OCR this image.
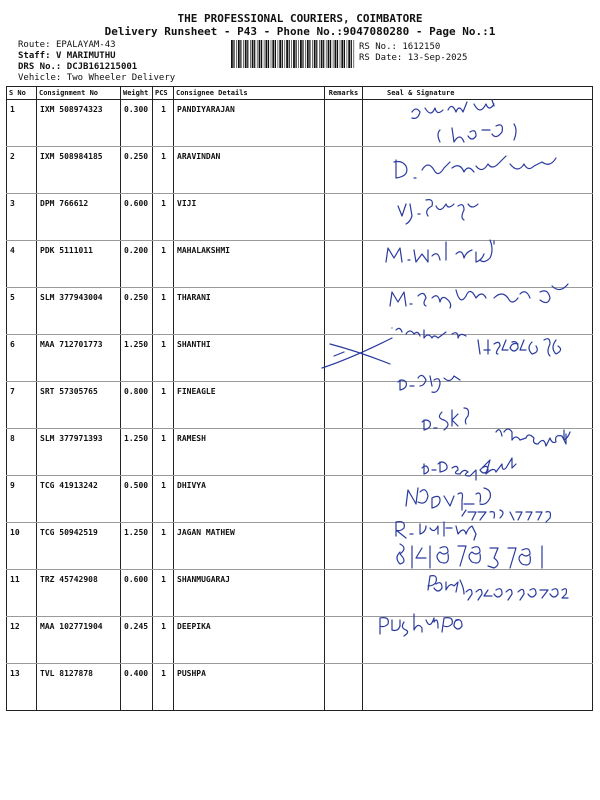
THE PROFESSIONAL COURIERS, COIMBATORE
Delivery Runsheet - P43 - Phone No.:9047080280 - Page No.:1
Route: EPALAYAM-43
Staff: V MARIMUTHU
DRS No.: DCJB161215001
Vehicle: Two Wheeler Delivery
RS No.: 1612150
RS Date: 13-Sep-2025
S No	Consignment No	Weight	PCS	Consignee Details	Remarks	Seal & Signature
1	IXM 508974323	0.300	1	PANDIYARAJAN		
2	IXM 508984185	0.250	1	ARAVINDAN		
3	DPM 766612	0.600	1	VIJI		
4	PDK 5111011	0.200	1	MAHALAKSHMI		
5	SLM 377943004	0.250	1	THARANI		
6	MAA 712701773	1.250	1	SHANTHI		
7	SRT 57305765	0.800	1	FINEAGLE		
8	SLM 377971393	1.250	1	RAMESH		
9	TCG 41913242	0.500	1	DHIVYA		
10	TCG 50942519	1.250	1	JAGAN MATHEW		
11	TRZ 45742908	0.600	1	SHANMUGARAJ		
12	MAA 102771904	0.245	1	DEEPIKA		
13	TVL 8127878	0.400	1	PUSHPA		
